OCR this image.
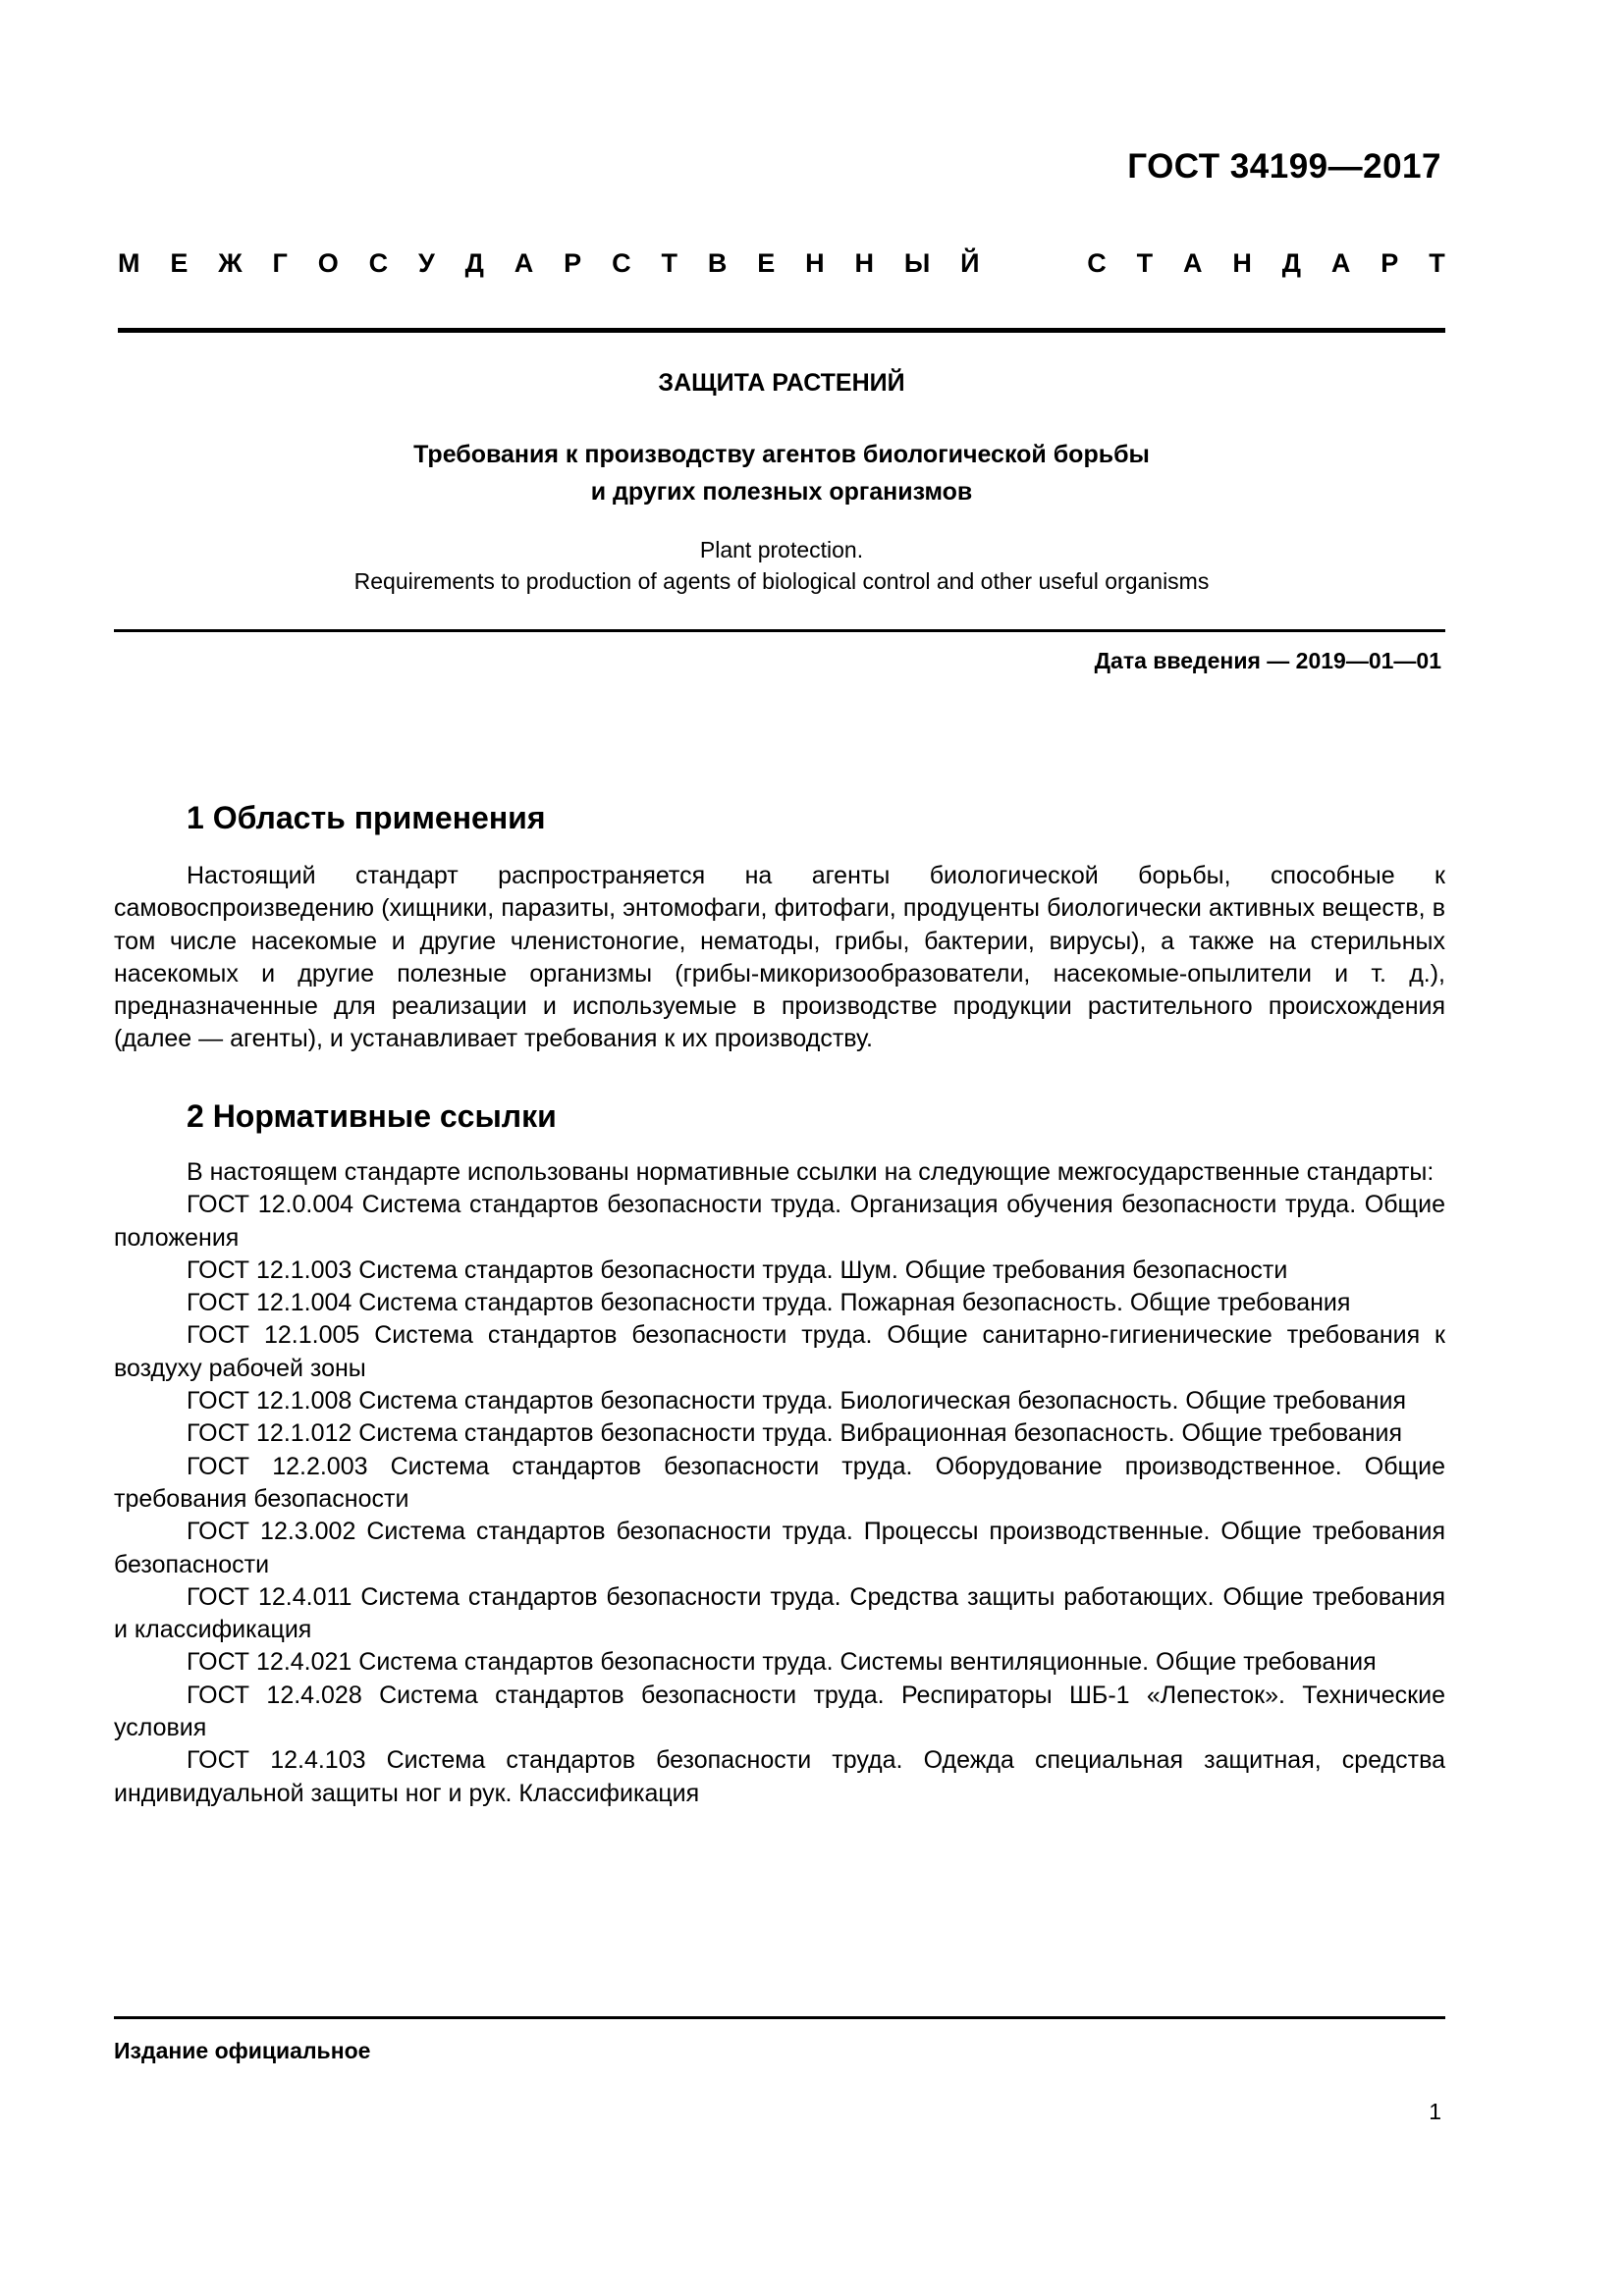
ГОСТ 34199—2017
М Е Ж Г О С У Д А Р С Т В Е Н Н Ы Й	С Т А Н Д А Р Т
ЗАЩИТА РАСТЕНИЙ
Требования к производству агентов биологической борьбы
и других полезных организмов
Plant protection.
Requirements to production of agents of biological control and other useful organisms
Дата введения — 2019—01—01
1 Область применения

Настоящий стандарт распространяется на агенты биологической борьбы, способные к самовоспроизведению (хищники, паразиты, энтомофаги, фитофаги, продуценты биологически активных веществ, в том числе насекомые и другие членистоногие, нематоды, грибы, бактерии, вирусы), а также на стерильных насекомых и другие полезные организмы (грибы-микоризообразователи, насекомые-опылители и т. д.), предназначенные для реализации и используемые в производстве продукции растительного происхождения (далее — агенты), и устанавливает требования к их производству.

2 Нормативные ссылки

В настоящем стандарте использованы нормативные ссылки на следующие межгосударственные стандарты:

ГОСТ 12.0.004 Система стандартов безопасности труда. Организация обучения безопасности труда. Общие положения

ГОСТ 12.1.003 Система стандартов безопасности труда. Шум. Общие требования безопасности

ГОСТ 12.1.004 Система стандартов безопасности труда. Пожарная безопасность. Общие требования

ГОСТ 12.1.005 Система стандартов безопасности труда. Общие санитарно-гигиенические требования к воздуху рабочей зоны

ГОСТ 12.1.008 Система стандартов безопасности труда. Биологическая безопасность. Общие требования

ГОСТ 12.1.012 Система стандартов безопасности труда. Вибрационная безопасность. Общие требования

ГОСТ 12.2.003 Система стандартов безопасности труда. Оборудование производственное. Общие требования безопасности

ГОСТ 12.3.002 Система стандартов безопасности труда. Процессы производственные. Общие требования безопасности

ГОСТ 12.4.011 Система стандартов безопасности труда. Средства защиты работающих. Общие требования и классификация

ГОСТ 12.4.021 Система стандартов безопасности труда. Системы вентиляционные. Общие требования

ГОСТ 12.4.028 Система стандартов безопасности труда. Респираторы ШБ-1 «Лепесток». Технические условия

ГОСТ 12.4.103 Система стандартов безопасности труда. Одежда специальная защитная, средства индивидуальной защиты ног и рук. Классификация

Издание официальное
1
